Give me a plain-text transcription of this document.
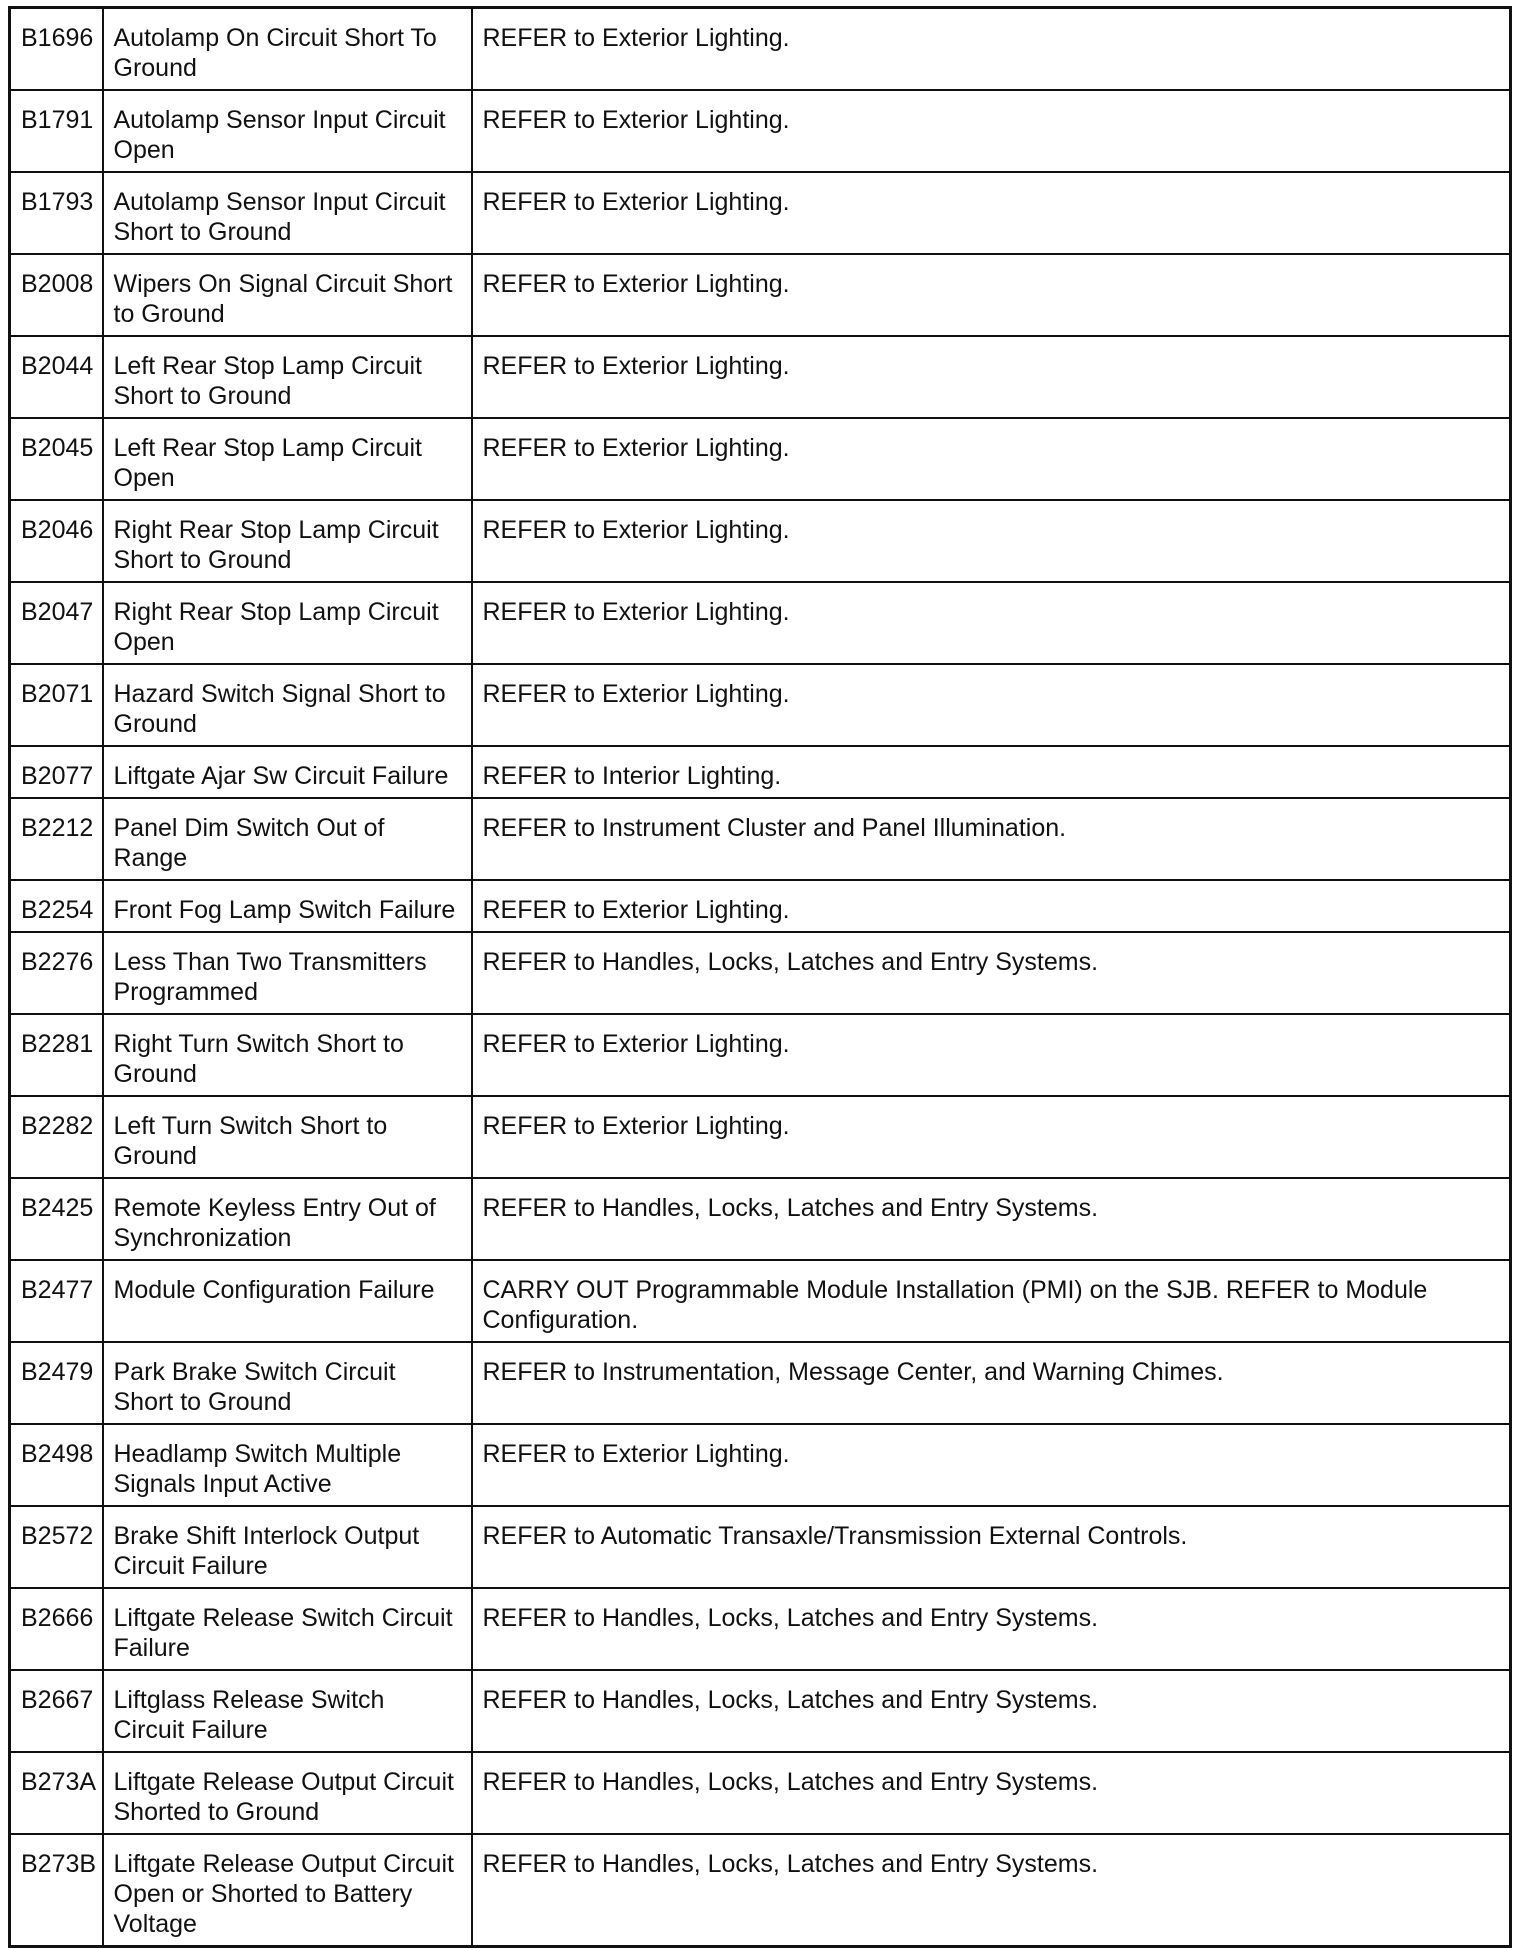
B1696	Autolamp On Circuit Short To Ground	REFER to Exterior Lighting.
B1791	Autolamp Sensor Input Circuit Open	REFER to Exterior Lighting.
B1793	Autolamp Sensor Input Circuit Short to Ground	REFER to Exterior Lighting.
B2008	Wipers On Signal Circuit Short to Ground	REFER to Exterior Lighting.
B2044	Left Rear Stop Lamp Circuit Short to Ground	REFER to Exterior Lighting.
B2045	Left Rear Stop Lamp Circuit Open	REFER to Exterior Lighting.
B2046	Right Rear Stop Lamp Circuit Short to Ground	REFER to Exterior Lighting.
B2047	Right Rear Stop Lamp Circuit Open	REFER to Exterior Lighting.
B2071	Hazard Switch Signal Short to Ground	REFER to Exterior Lighting.
B2077	Liftgate Ajar Sw Circuit Failure	REFER to Interior Lighting.
B2212	Panel Dim Switch Out of Range	REFER to Instrument Cluster and Panel Illumination.
B2254	Front Fog Lamp Switch Failure	REFER to Exterior Lighting.
B2276	Less Than Two Transmitters Programmed	REFER to Handles, Locks, Latches and Entry Systems.
B2281	Right Turn Switch Short to Ground	REFER to Exterior Lighting.
B2282	Left Turn Switch Short to Ground	REFER to Exterior Lighting.
B2425	Remote Keyless Entry Out of Synchronization	REFER to Handles, Locks, Latches and Entry Systems.
B2477	Module Configuration Failure	CARRY OUT Programmable Module Installation (PMI) on the SJB. REFER to Module Configuration.
B2479	Park Brake Switch Circuit Short to Ground	REFER to Instrumentation, Message Center, and Warning Chimes.
B2498	Headlamp Switch Multiple Signals Input Active	REFER to Exterior Lighting.
B2572	Brake Shift Interlock Output Circuit Failure	REFER to Automatic Transaxle/Transmission External Controls.
B2666	Liftgate Release Switch Circuit Failure	REFER to Handles, Locks, Latches and Entry Systems.
B2667	Liftglass Release Switch Circuit Failure	REFER to Handles, Locks, Latches and Entry Systems.
B273A	Liftgate Release Output Circuit Shorted to Ground	REFER to Handles, Locks, Latches and Entry Systems.
B273B	Liftgate Release Output Circuit Open or Shorted to Battery Voltage	REFER to Handles, Locks, Latches and Entry Systems.
